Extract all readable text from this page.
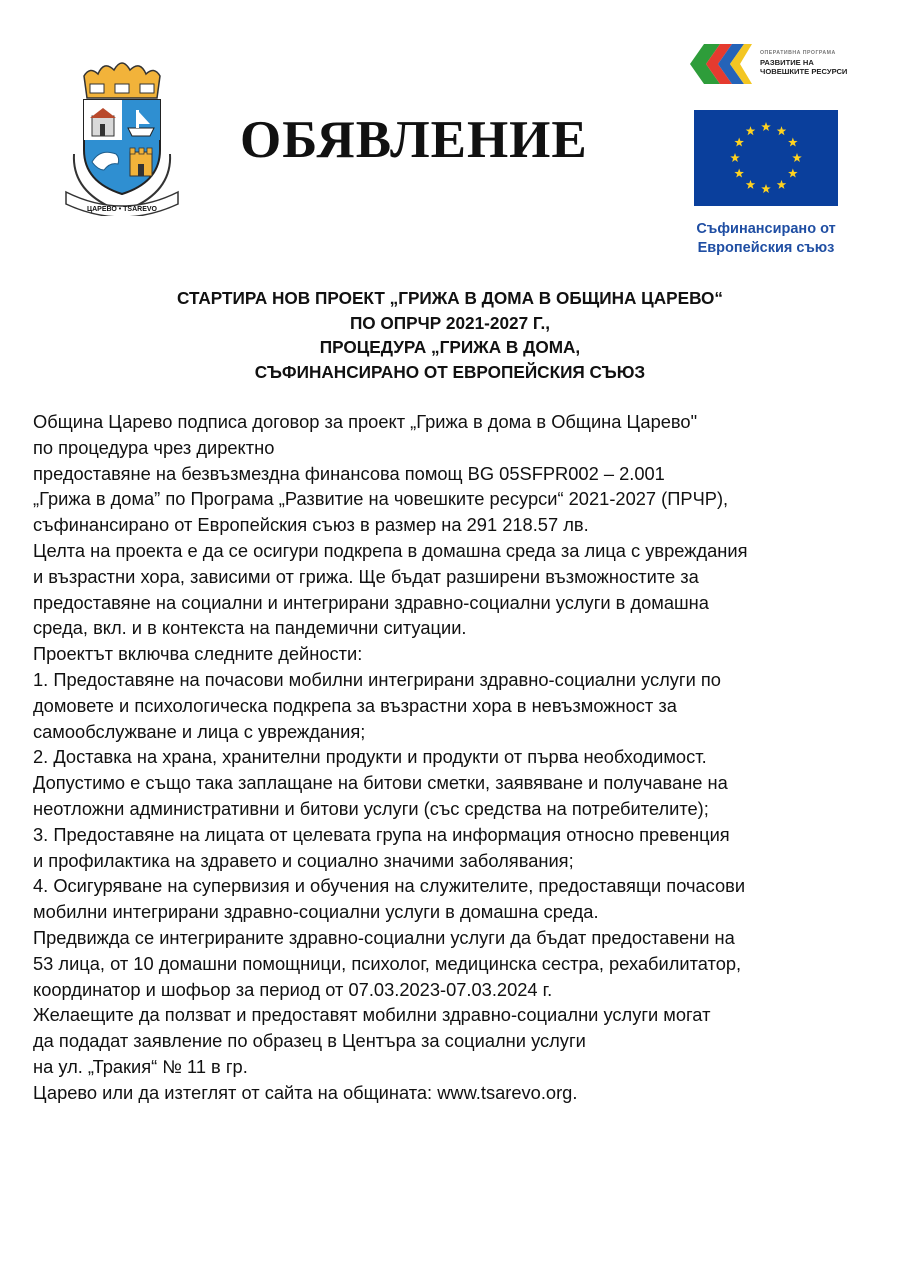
ЦАРЕВО • TSAREVO
ОБЯВЛЕНИЕ
ОПЕРАТИВНА ПРОГРАМА
РАЗВИТИЕ НА
ЧОВЕШКИТЕ РЕСУРСИ
Съфинансирано от
Европейския съюз
СТАРТИРА НОВ ПРОЕКТ „ГРИЖА В ДОМА В ОБЩИНА ЦАРЕВО“
ПО ОПРЧР 2021-2027 Г.,
ПРОЦЕДУРА „ГРИЖА В ДОМА,
СЪФИНАНСИРАНО ОТ ЕВРОПЕЙСКИЯ СЪЮЗ
Община Царево подписа договор за проект „Грижа в дома в Община Царево"
по процедура чрез директно
предоставяне на безвъзмездна финансова помощ BG 05SFPR002 – 2.001
„Грижа в дома” по Програма „Развитие на човешките ресурси“ 2021-2027 (ПРЧР),
съфинансирано от Европейския съюз в размер на 291 218.57 лв.
Целта на проекта е да се осигури подкрепа в домашна среда за лица с увреждания
и възрастни хора, зависими от грижа. Ще бъдат разширени възможностите за
предоставяне на социални и интегрирани здравно-социални услуги в домашна
среда, вкл. и в контекста на пандемични ситуации.
Проектът включва следните дейности:
1. Предоставяне на почасови мобилни интегрирани здравно-социални услуги по
домовете и психологическа подкрепа за възрастни хора в невъзможност за
самообслужване и лица с увреждания;
2. Доставка на храна, хранителни продукти и продукти от първа необходимост.
Допустимо е също така заплащане на битови сметки, заявяване и получаване на
неотложни административни и битови услуги (със средства на потребителите);
3. Предоставяне на лицата от целевата група на информация относно превенция
и профилактика на здравето и социално значими заболявания;
4. Осигуряване на супервизия и обучения на служителите, предоставящи почасови
мобилни интегрирани здравно-социални услуги в домашна среда.
Предвижда се интегрираните здравно-социални услуги да бъдат предоставени на
53 лица, от 10 домашни помощници, психолог, медицинска сестра, рехабилитатор,
координатор и шофьор за период от 07.03.2023-07.03.2024 г.
Желаещите да ползват и предоставят мобилни здравно-социални услуги могат
да подадат заявление по образец в Центъра за социални услуги
на ул. „Тракия“ № 11 в гр.
Царево или да изтеглят от сайта на общината: www.tsarevo.org.
